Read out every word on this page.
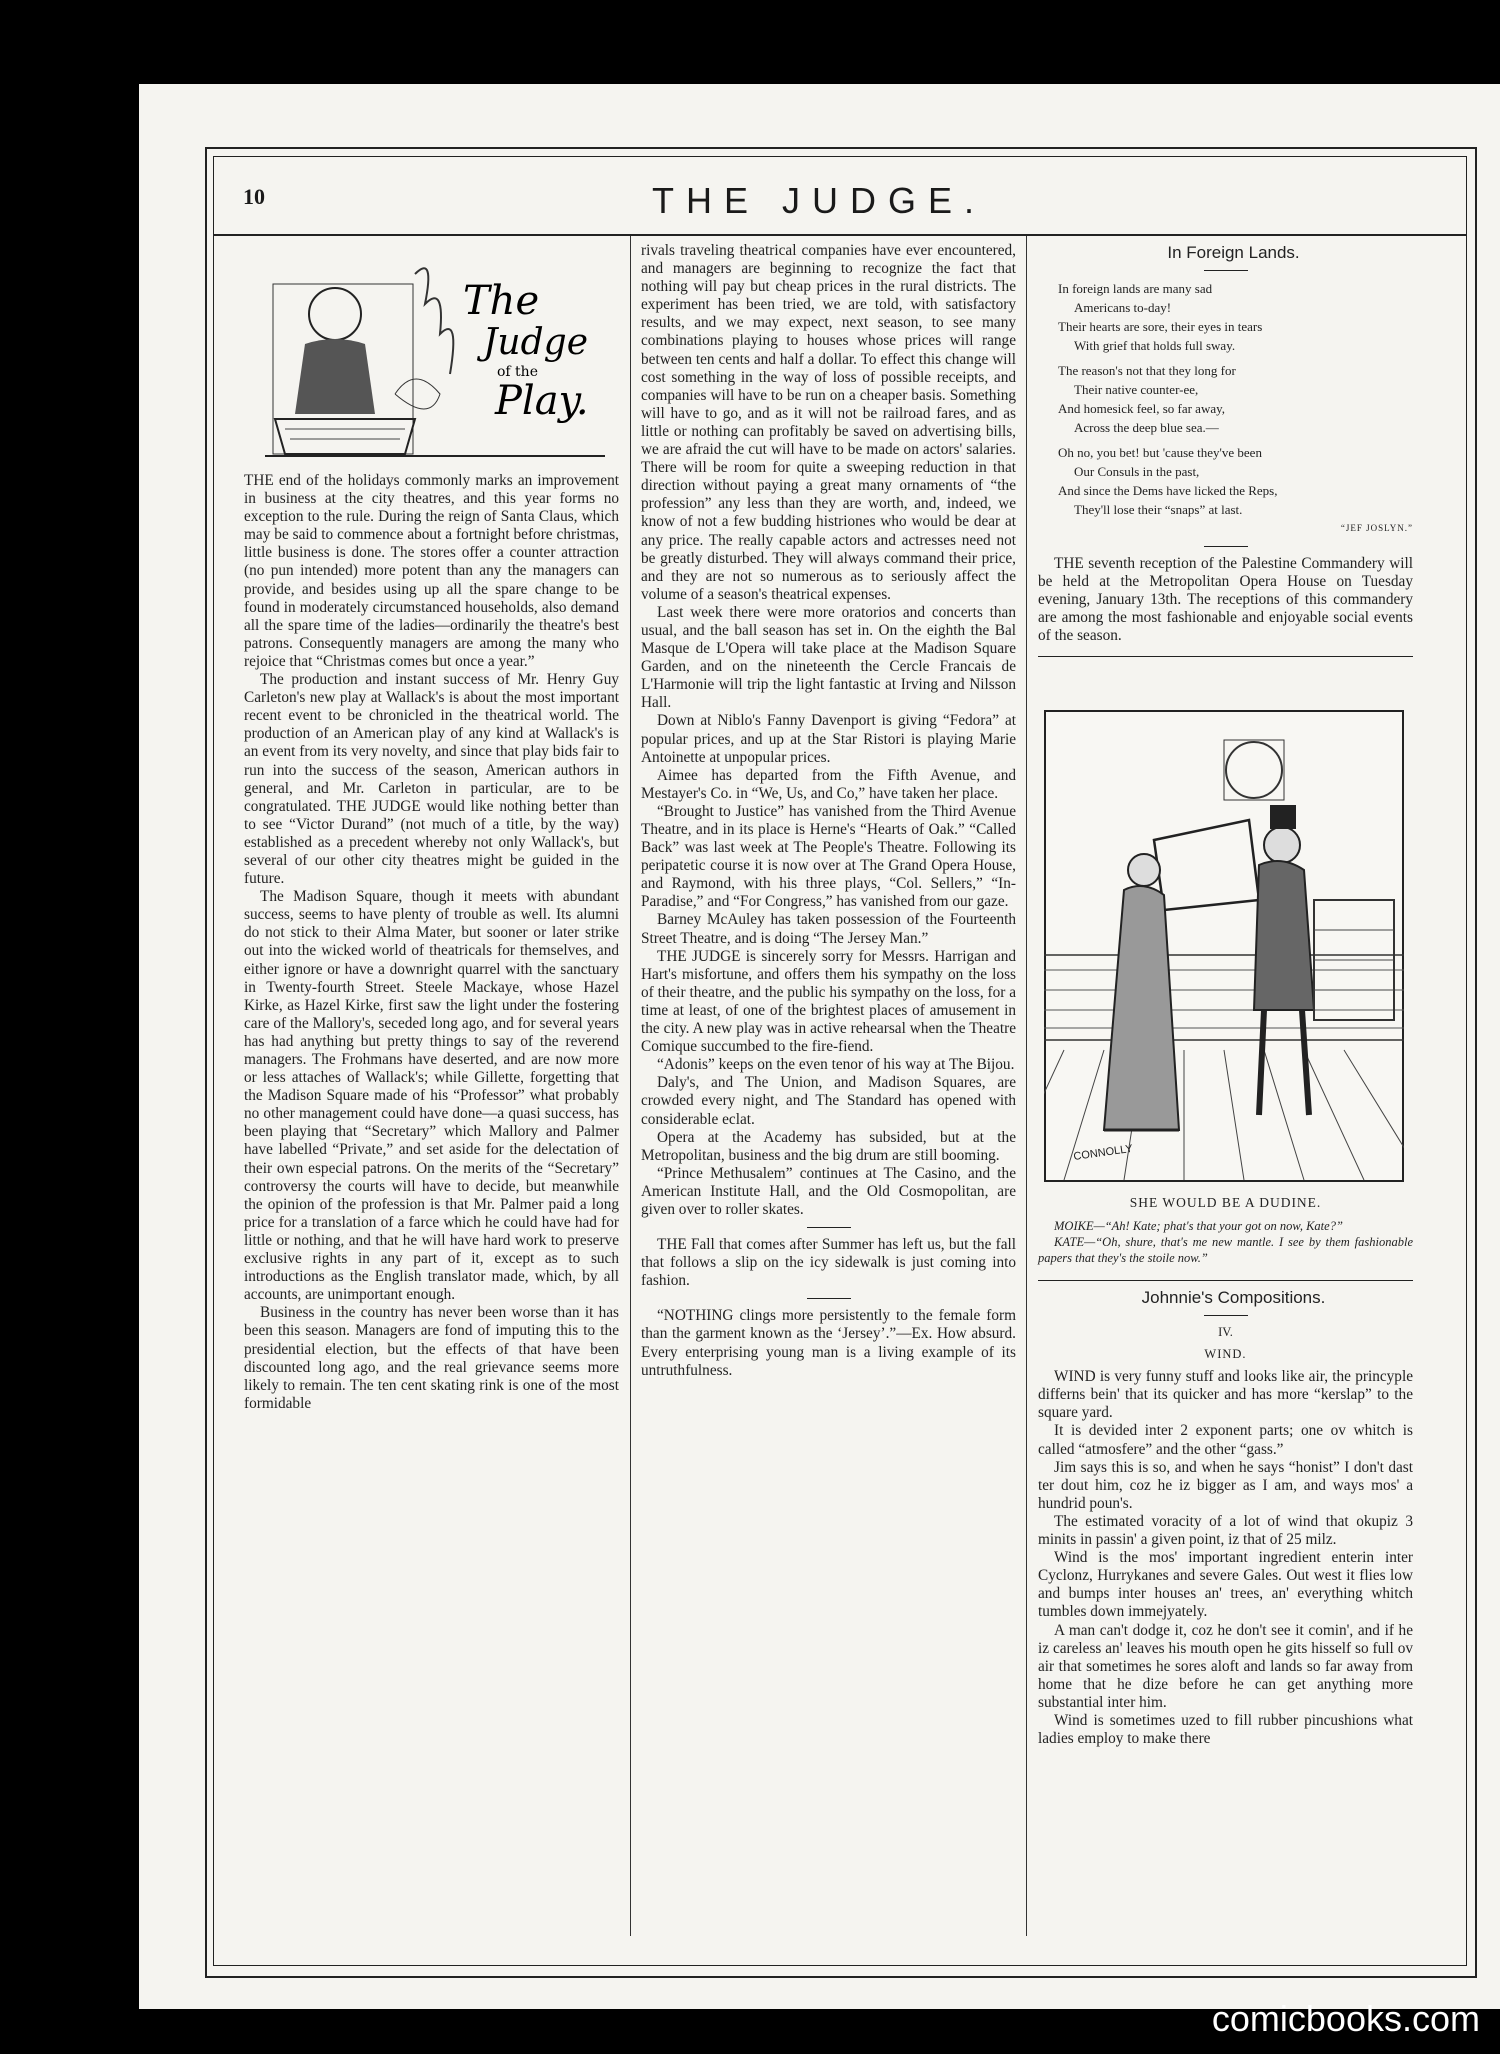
10	THE JUDGE.
The
Judge
of the
Play.

THE end of the holidays commonly marks an improvement in business at the city theatres, and this year forms no exception to the rule. During the reign of Santa Claus, which may be said to commence about a fortnight before christmas, little business is done. The stores offer a counter attraction (no pun intended) more potent than any the managers can provide, and besides using up all the spare change to be found in moderately circumstanced households, also demand all the spare time of the ladies—ordinarily the theatre's best patrons. Consequently managers are among the many who rejoice that “Christmas comes but once a year.”

The production and instant success of Mr. Henry Guy Carleton's new play at Wallack's is about the most important recent event to be chronicled in the theatrical world. The production of an American play of any kind at Wallack's is an event from its very novelty, and since that play bids fair to run into the success of the season, American authors in general, and Mr. Carleton in particular, are to be congratulated. THE JUDGE would like nothing better than to see “Victor Durand” (not much of a title, by the way) established as a precedent whereby not only Wallack's, but several of our other city theatres might be guided in the future.

The Madison Square, though it meets with abundant success, seems to have plenty of trouble as well. Its alumni do not stick to their Alma Mater, but sooner or later strike out into the wicked world of theatricals for themselves, and either ignore or have a downright quarrel with the sanctuary in Twenty-fourth Street. Steele Mackaye, whose Hazel Kirke, as Hazel Kirke, first saw the light under the fostering care of the Mallory's, seceded long ago, and for several years has had anything but pretty things to say of the reverend managers. The Frohmans have deserted, and are now more or less attaches of Wallack's; while Gillette, forgetting that the Madison Square made of his “Professor” what probably no other management could have done—a quasi success, has been playing that “Secretary” which Mallory and Palmer have labelled “Private,” and set aside for the delectation of their own especial patrons. On the merits of the “Secretary” controversy the courts will have to decide, but meanwhile the opinion of the profession is that Mr. Palmer paid a long price for a translation of a farce which he could have had for little or nothing, and that he will have hard work to preserve exclusive rights in any part of it, except as to such introductions as the English translator made, which, by all accounts, are unimportant enough.

Business in the country has never been worse than it has been this season. Managers are fond of imputing this to the presidential election, but the effects of that have been discounted long ago, and the real grievance seems more likely to remain. The ten cent skating rink is one of the most formidable

rivals traveling theatrical companies have ever encountered, and managers are beginning to recognize the fact that nothing will pay but cheap prices in the rural districts. The experiment has been tried, we are told, with satisfactory results, and we may expect, next season, to see many combinations playing to houses whose prices will range between ten cents and half a dollar. To effect this change will cost something in the way of loss of possible receipts, and companies will have to be run on a cheaper basis. Something will have to go, and as it will not be railroad fares, and as little or nothing can profitably be saved on advertising bills, we are afraid the cut will have to be made on actors' salaries. There will be room for quite a sweeping reduction in that direction without paying a great many ornaments of “the profession” any less than they are worth, and, indeed, we know of not a few budding histriones who would be dear at any price. The really capable actors and actresses need not be greatly disturbed. They will always command their price, and they are not so numerous as to seriously affect the volume of a season's theatrical expenses.

Last week there were more oratorios and concerts than usual, and the ball season has set in. On the eighth the Bal Masque de L'Opera will take place at the Madison Square Garden, and on the nineteenth the Cercle Francais de L'Harmonie will trip the light fantastic at Irving and Nilsson Hall.

Down at Niblo's Fanny Davenport is giving “Fedora” at popular prices, and up at the Star Ristori is playing Marie Antoinette at unpopular prices.

Aimee has departed from the Fifth Avenue, and Mestayer's Co. in “We, Us, and Co,” have taken her place.

“Brought to Justice” has vanished from the Third Avenue Theatre, and in its place is Herne's “Hearts of Oak.” “Called Back” was last week at The People's Theatre. Following its peripatetic course it is now over at The Grand Opera House, and Raymond, with his three plays, “Col. Sellers,” “In-Paradise,” and “For Congress,” has vanished from our gaze.

Barney McAuley has taken possession of the Fourteenth Street Theatre, and is doing “The Jersey Man.”

THE JUDGE is sincerely sorry for Messrs. Harrigan and Hart's misfortune, and offers them his sympathy on the loss of their theatre, and the public his sympathy on the loss, for a time at least, of one of the brightest places of amusement in the city. A new play was in active rehearsal when the Theatre Comique succumbed to the fire-fiend.

“Adonis” keeps on the even tenor of his way at The Bijou.

Daly's, and The Union, and Madison Squares, are crowded every night, and The Standard has opened with considerable eclat.

Opera at the Academy has subsided, but at the Metropolitan, business and the big drum are still booming.

“Prince Methusalem” continues at The Casino, and the American Institute Hall, and the Old Cosmopolitan, are given over to roller skates.

THE Fall that comes after Summer has left us, but the fall that follows a slip on the icy sidewalk is just coming into fashion.

“NOTHING clings more persistently to the female form than the garment known as the ‘Jersey’.”—Ex. How absurd. Every enterprising young man is a living example of its untruthfulness.

In Foreign Lands.

In foreign lands are many sad
Americans to-day!
Their hearts are sore, their eyes in tears
With grief that holds full sway.
The reason's not that they long for
Their native counter-ee,
And homesick feel, so far away,
Across the deep blue sea.—
Oh no, you bet! but 'cause they've been
Our Consuls in the past,
And since the Dems have licked the Reps,
They'll lose their “snaps” at last.
“JEF JOSLYN.”

THE seventh reception of the Palestine Commandery will be held at the Metropolitan Opera House on Tuesday evening, January 13th. The receptions of this commandery are among the most fashionable and enjoyable social events of the season.

CONNOLLY

SHE WOULD BE A DUDINE.

MOIKE—“Ah! Kate; phat's that your got on now, Kate?”

KATE—“Oh, shure, that's me new mantle. I see by them fashionable papers that they's the stoile now.”

Johnnie's Compositions.

IV.

WIND.

WIND is very funny stuff and looks like air, the princyple differns bein' that its quicker and has more “kerslap” to the square yard.

It is devided inter 2 exponent parts; one ov whitch is called “atmosfere” and the other “gass.”

Jim says this is so, and when he says “honist” I don't dast ter dout him, coz he iz bigger as I am, and ways mos' a hundrid poun's.

The estimated voracity of a lot of wind that okupiz 3 minits in passin' a given point, iz that of 25 milz.

Wind is the mos' important ingredient enterin inter Cyclonz, Hurrykanes and severe Gales. Out west it flies low and bumps inter houses an' trees, an' everything whitch tumbles down immejyately.

A man can't dodge it, coz he don't see it comin', and if he iz careless an' leaves his mouth open he gits hisself so full ov air that sometimes he sores aloft and lands so far away from home that he dize before he can get anything more substantial inter him.

Wind is sometimes uzed to fill rubber pincushions what ladies employ to make there

comicbooks.com
